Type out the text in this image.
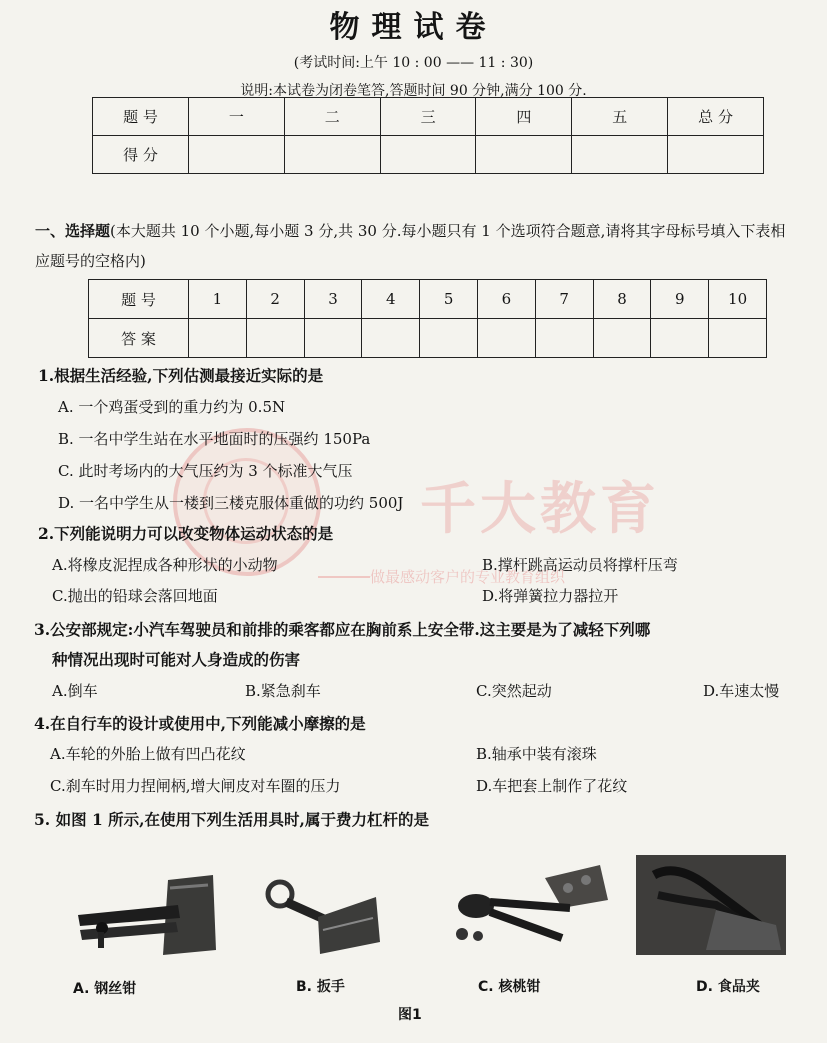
物理试卷
(考试时间:上午 10 : 00 —— 11 : 30)
说明:本试卷为闭卷笔答,答题时间 90 分钟,满分 100 分.
题 号	一	二	三	四	五	总 分
得 分						
一、选择题(本大题共 10 个小题,每小题 3 分,共 30 分.每小题只有 1 个选项符合题意,请将其字母标号填入下表相应题号的空格内)
题 号	1	2	3	4	5	6	7	8	9	10
答 案										
千大教育
做最感动客户的专业教育组织
1.根据生活经验,下列估测最接近实际的是
A. 一个鸡蛋受到的重力约为 0.5N
B. 一名中学生站在水平地面时的压强约 150Pa
C. 此时考场内的大气压约为 3 个标准大气压
D. 一名中学生从一楼到三楼克服体重做的功约 500J
2.下列能说明力可以改变物体运动状态的是
A.将橡皮泥捏成各种形状的小动物	B.撑杆跳高运动员将撑杆压弯
C.抛出的铅球会落回地面	D.将弹簧拉力器拉开
3.公安部规定:小汽车驾驶员和前排的乘客都应在胸前系上安全带.这主要是为了减轻下列哪
种情况出现时可能对人身造成的伤害
A.倒车	B.紧急刹车	C.突然起动	D.车速太慢
4.在自行车的设计或使用中,下列能减小摩擦的是
A.车轮的外胎上做有凹凸花纹	B.轴承中装有滚珠
C.刹车时用力捏闸柄,增大闸皮对车圈的压力	D.车把套上制作了花纹
5. 如图 1 所示,在使用下列生活用具时,属于费力杠杆的是
A. 钢丝钳	B. 扳手	C. 核桃钳	D. 食品夹
图1
